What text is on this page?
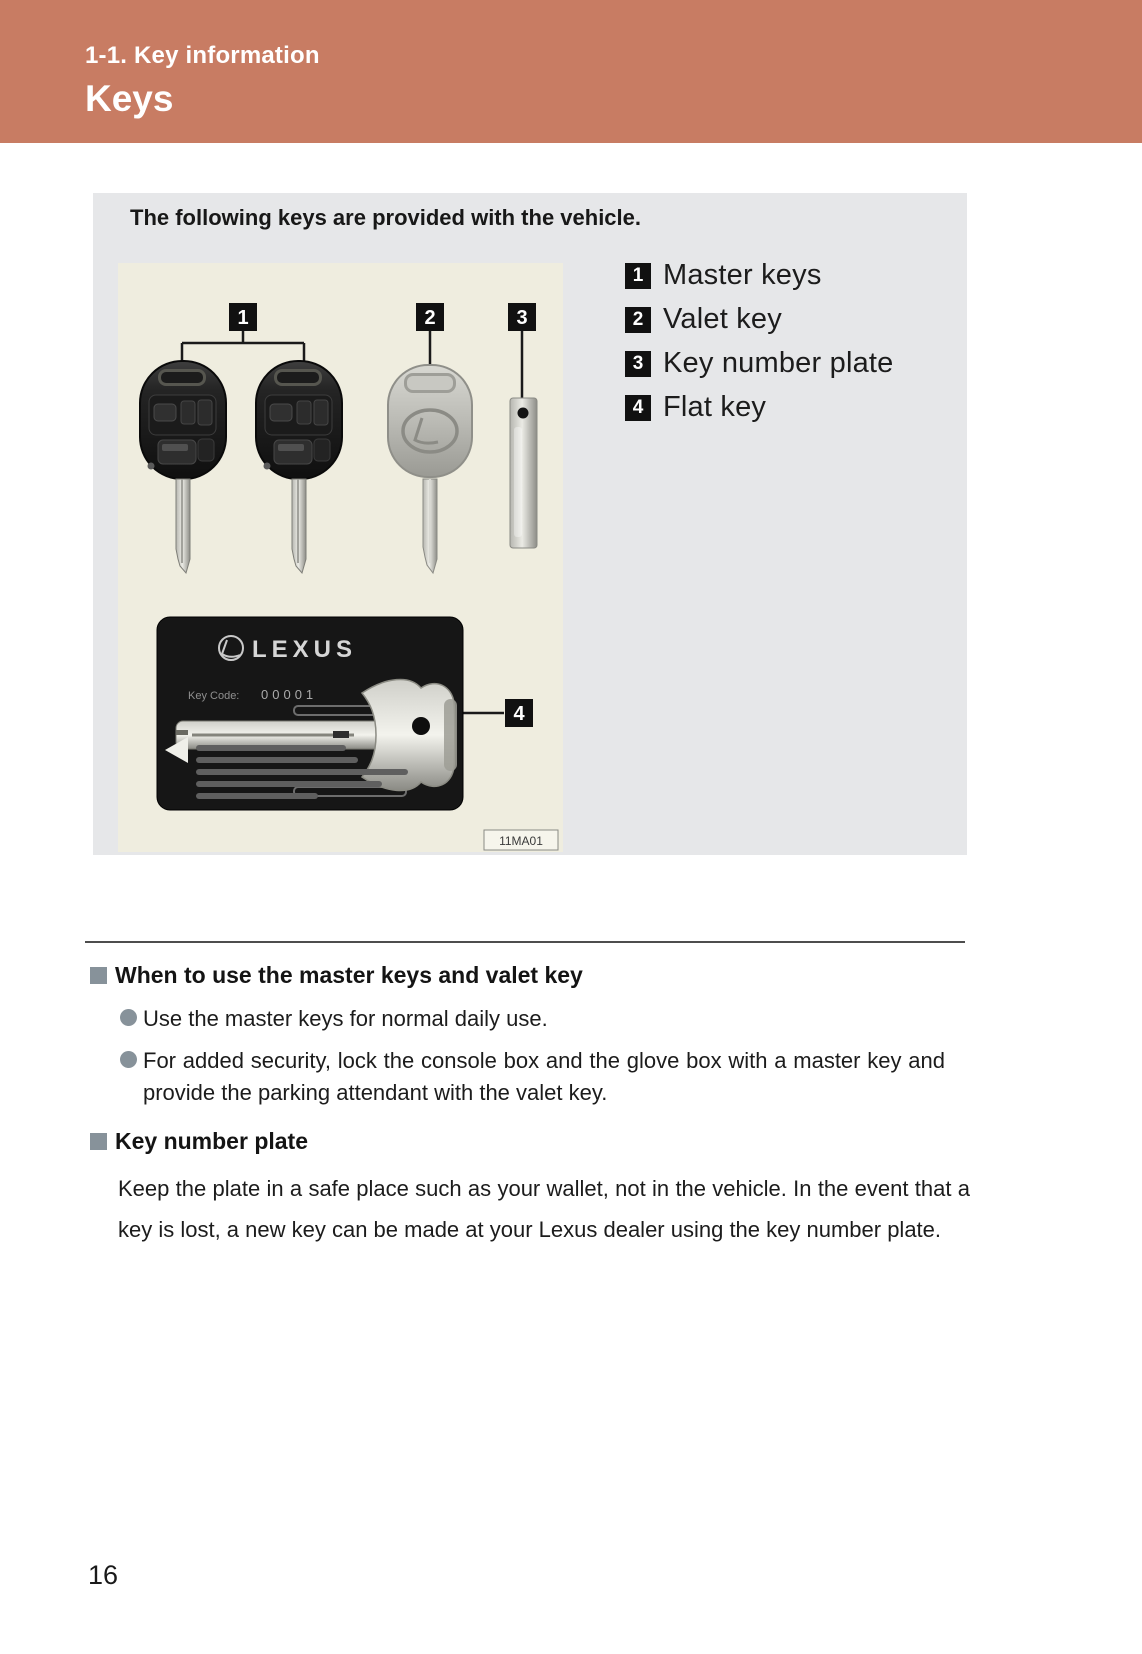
1-1. Key information
Keys

The following keys are provided with the vehicle.

LEXUS
Key Code: 00001
1	2	3
4
11MA01
1 Master keys
2 Valet key
3 Key number plate
4 Flat key
When to use the master keys and valet key

Use the master keys for normal daily use.

For added security, lock the console box and the glove box with a master key and provide the parking attendant with the valet key.

Key number plate

Keep the plate in a safe place such as your wallet, not in the vehicle. In the event that a key is lost, a new key can be made at your Lexus dealer using the key number plate.

16
